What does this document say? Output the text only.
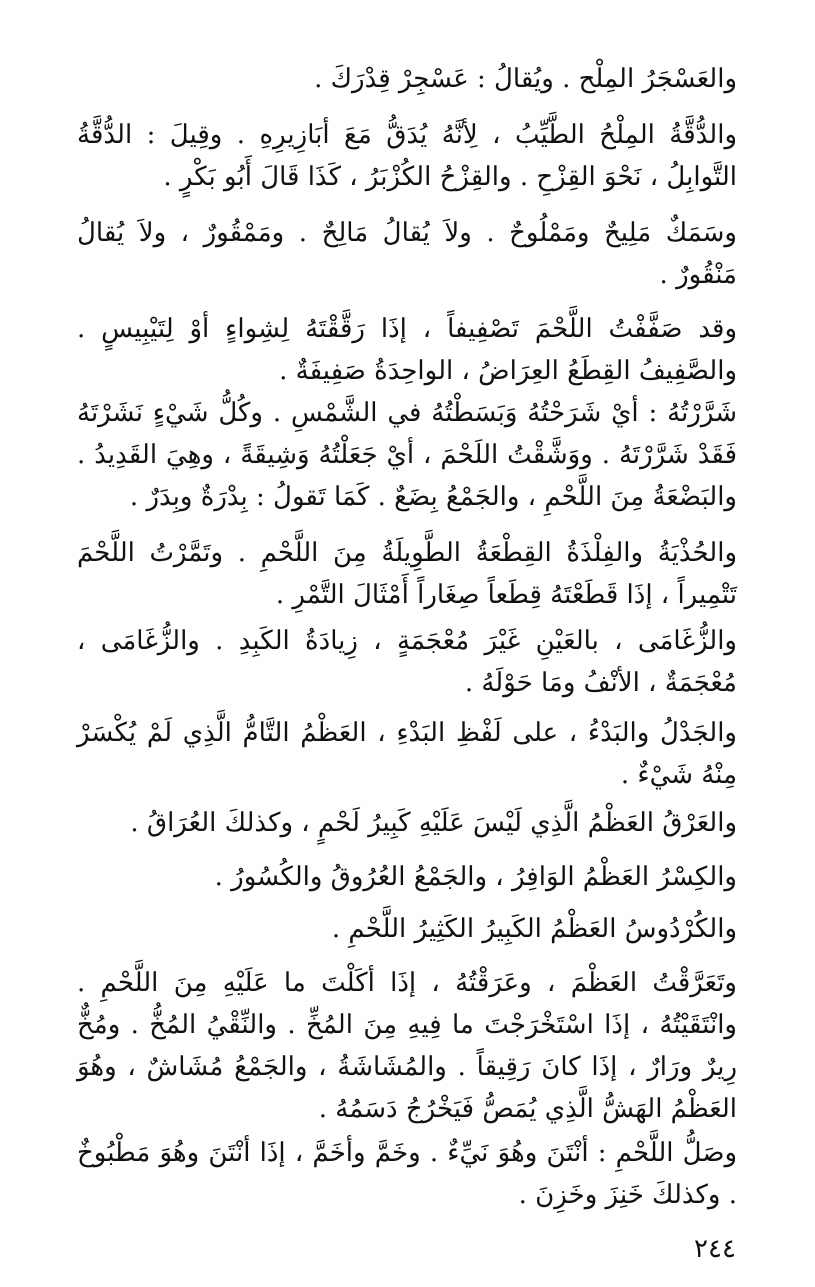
والعَسْجَرُ المِلْح . ويُقالُ : عَسْجِرْ قِدْرَكَ .

والدُّقَّةُ المِلْحُ الطَّيِّبُ ، لِأنَّهُ يُدَقُّ مَعَ أبَازِيرِهِ . وقِيلَ : الدُّقَّةُ التَّوابِلُ ، نَحْوَ القِزْحِ . والقِزْحُ الكُزْبَرُ ، كَذَا قَالَ أَبُو بَكْرٍ .

وسَمَكٌ مَلِيحٌ ومَمْلُوحٌ . ولاَ يُقالُ مَالِحٌ . ومَمْقُورٌ ، ولاَ يُقالُ مَنْقُورٌ .

وقد صَفَّفْتُ اللَّحْمَ تَصْفِيفاً ، إذَا رَقَّقْتَهُ لِشِواءٍ أوْ لِتَيْبِيسٍ . والصَّفِيفُ القِطَعُ العِرَاضُ ، الواحِدَةُ صَفِيفَةٌ .

شَرَّرْتُهُ : أيْ شَرَحْتُهُ وَبَسَطْتُهُ في الشَّمْسِ . وكُلُّ شَيْءٍ نَشَرْتَهُ فَقَدْ شَرَّرْتَهُ . ووَشَّقْتُ اللَحْمَ ، أيْ جَعَلْتُهُ وَشِيقَةً ، وهِيَ القَدِيدُ . والبَضْعَةُ مِنَ اللَّحْمِ ، والجَمْعُ بِضَعٌ . كَمَا تَقولُ : بِدْرَةٌ وبِدَرٌ .

والحُذْيَةُ والفِلْذَةُ القِطْعَةُ الطَّوِيلَةُ مِنَ اللَّحْمِ . وتَمَّرْتُ اللَّحْمَ تَتْمِيراً ، إذَا قَطَعْتَهُ قِطَعاً صِغَاراً أَمْثَالَ التَّمْرِ .

والزُّغَامَى ، بالعَيْنِ غَيْرَ مُعْجَمَةٍ ، زِيادَةُ الكَبِدِ . والزُّغَامَى ، مُعْجَمَةٌ ، الأنْفُ ومَا حَوْلَهُ .

والجَدْلُ والبَدْءُ ، على لَفْظِ البَدْءِ ، العَظْمُ التَّامُّ الَّذِي لَمْ يُكْسَرْ مِنْهُ شَيْءٌ .

والعَرْقُ العَظْمُ الَّذِي لَيْسَ عَلَيْهِ كَبِيرُ لَحْمٍ ، وكذلكَ العُرَاقُ .

والكِسْرُ العَظْمُ الوَافِرُ ، والجَمْعُ العُرُوقُ والكُسُورُ .

والكُرْدُوسُ العَظْمُ الكَبِيرُ الكَثِيرُ اللَّحْمِ .

وتَعَرَّقْتُ العَظْمَ ، وعَرَقْتُهُ ، إذَا أكَلْتَ ما عَلَيْهِ مِنَ اللَّحْمِ . وانْتَقَيْتُهُ ، إذَا اسْتَخْرَجْتَ ما فِيهِ مِنَ المُخِّ . والنِّقْيُ المُخُّ . ومُخٌّ رِيرٌ ورَارٌ ، إذَا كانَ رَقِيقاً . والمُشَاشَةُ ، والجَمْعُ مُشَاشٌ ، وهُوَ العَظْمُ الهَشُّ الَّذِي يُمَصُّ فَيَخْرُجُ دَسَمُهُ .

وصَلُّ اللَّحْمِ : أنْتَنَ وهُوَ نَيِّءٌ . وخَمَّ وأخَمَّ ، إذَا أنْتَنَ وهُوَ مَطْبُوخٌ . وكذلكَ خَنِزَ وخَزِنَ .

٢٤٤
